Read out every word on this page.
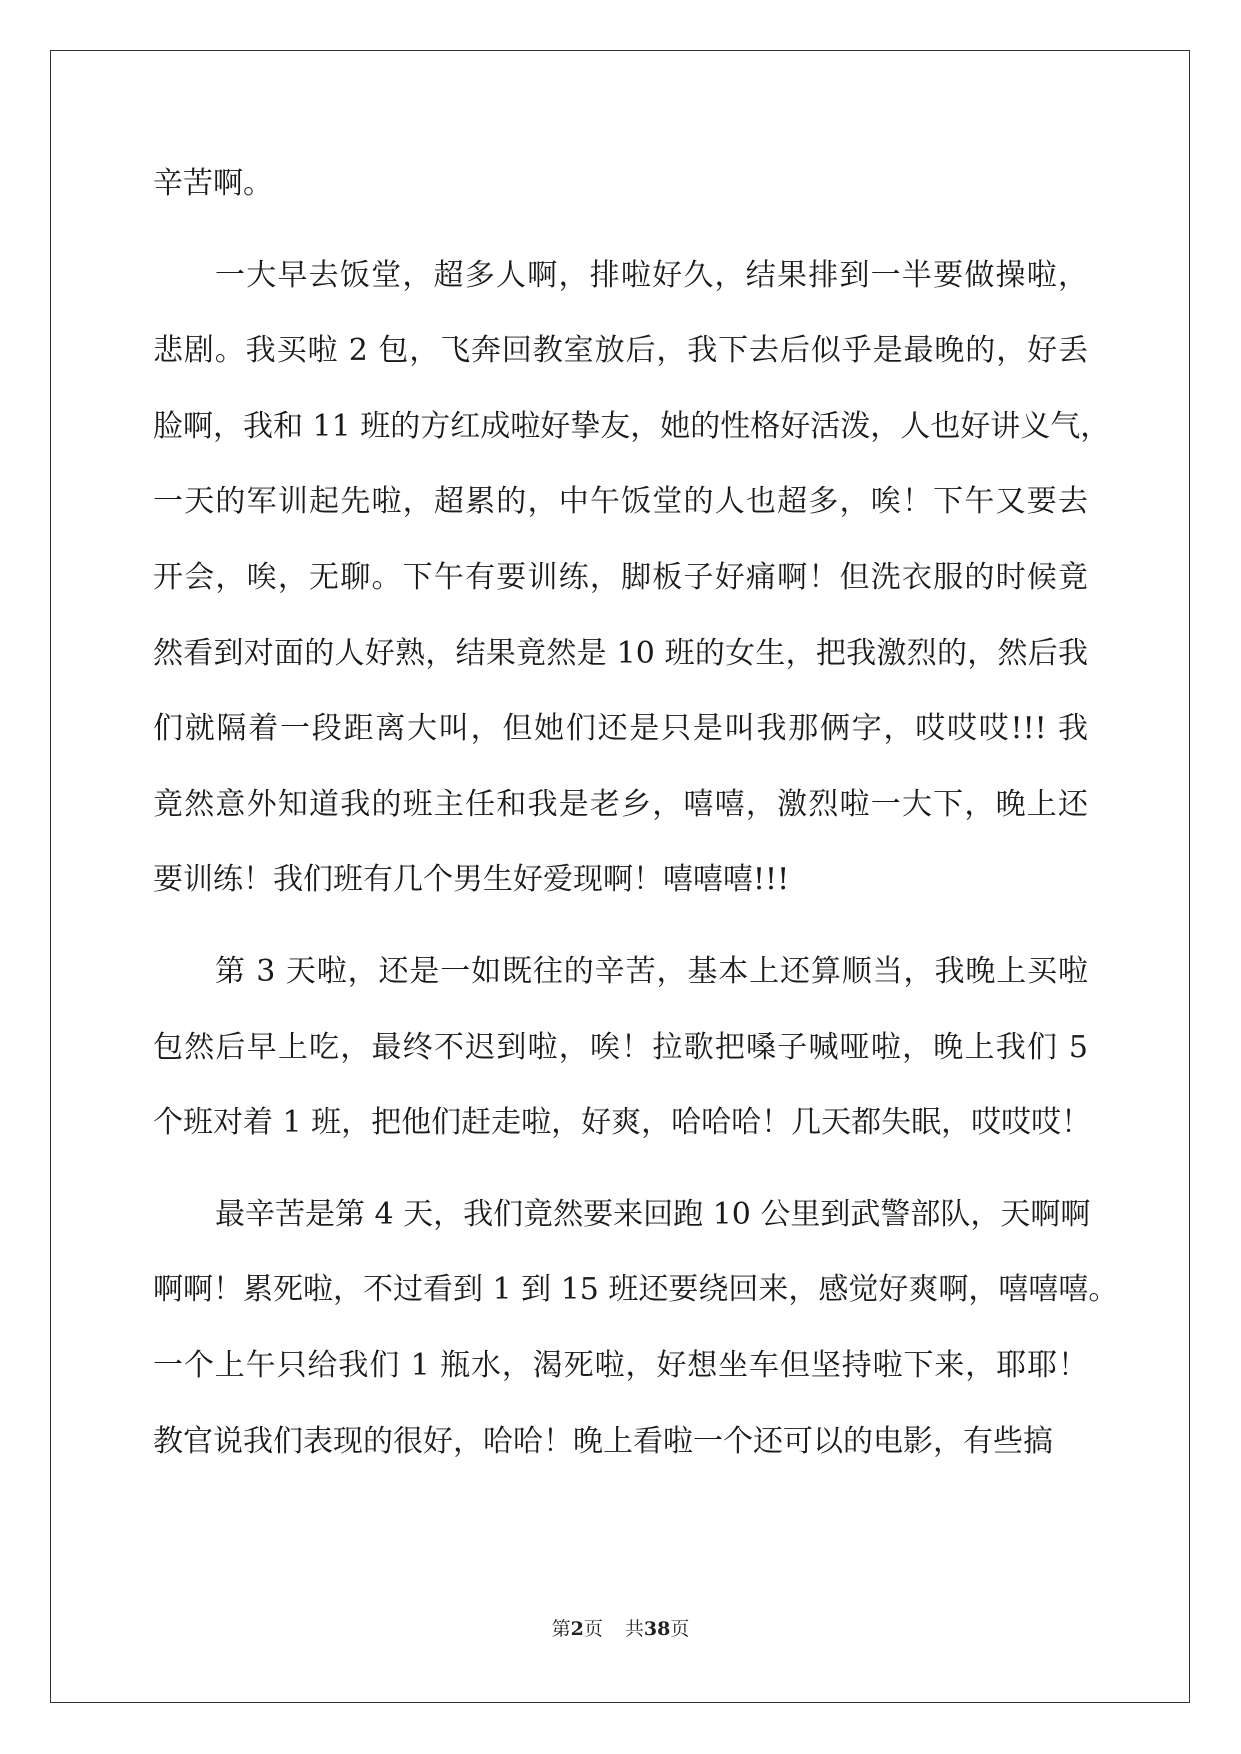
辛苦啊。
一大早去饭堂，超多人啊，排啦好久，结果排到一半要做操啦，
悲剧。我买啦 2 包，飞奔回教室放后，我下去后似乎是最晚的，好丢
脸啊，我和 11 班的方红成啦好挚友，她的性格好活泼，人也好讲义气，
一天的军训起先啦，超累的，中午饭堂的人也超多，唉！下午又要去
开会，唉，无聊。下午有要训练，脚板子好痛啊！但洗衣服的时候竟
然看到对面的人好熟，结果竟然是 10 班的女生，把我激烈的，然后我
们就隔着一段距离大叫，但她们还是只是叫我那俩字，哎哎哎!!! 我
竟然意外知道我的班主任和我是老乡，嘻嘻，激烈啦一大下，晚上还
要训练！我们班有几个男生好爱现啊！嘻嘻嘻!!!
第 3 天啦，还是一如既往的辛苦，基本上还算顺当，我晚上买啦
包然后早上吃，最终不迟到啦，唉！拉歌把嗓子喊哑啦，晚上我们 5
个班对着 1 班，把他们赶走啦，好爽，哈哈哈！几天都失眠，哎哎哎！
最辛苦是第 4 天，我们竟然要来回跑 10 公里到武警部队，天啊啊
啊啊！累死啦，不过看到 1 到 15 班还要绕回来，感觉好爽啊，嘻嘻嘻。
一个上午只给我们 1 瓶水，渴死啦，好想坐车但坚持啦下来，耶耶！
教官说我们表现的很好，哈哈！晚上看啦一个还可以的电影，有些搞
第2页 共38页
